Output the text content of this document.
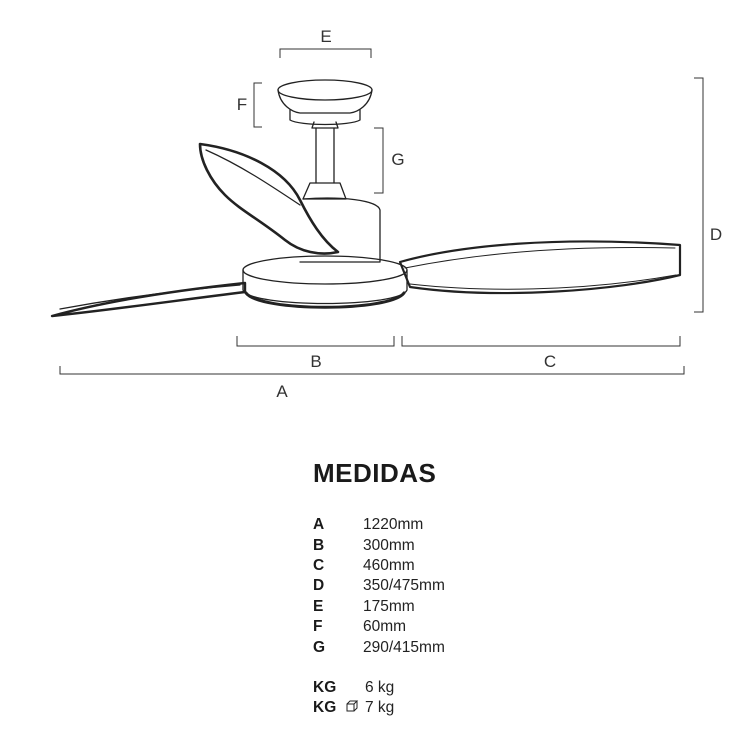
A
B	C
D
E
F
G
MEDIDAS
A	1220mm
B	300mm
C	460mm
D	350/475mm
E	175mm
F	60mm
G	290/415mm
KG	6 kg
KG	7 kg
